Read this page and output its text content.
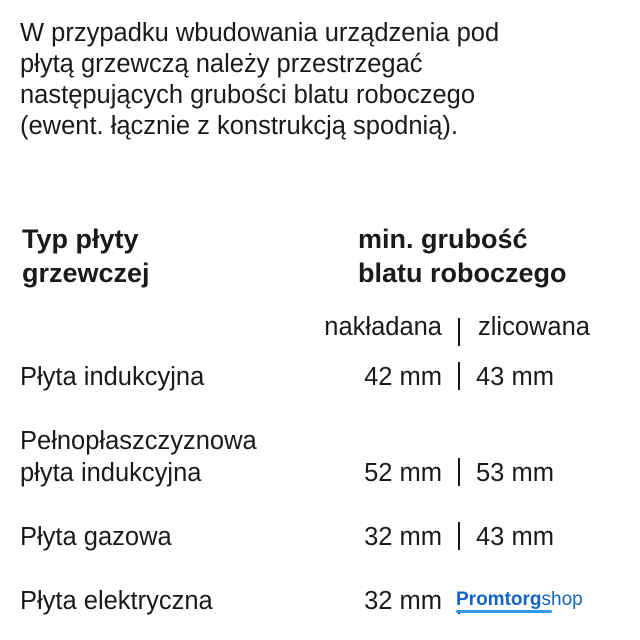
W przypadku wbudowania urządzenia pod
płytą grzewczą należy przestrzegać
następujących grubości blatu roboczego
(ewent. łącznie z konstrukcją spodnią).
Typ płyty
grzewczej
min. grubość
blatu roboczego
nakładana zlicowana
Płyta indukcyjna	42 mm 43 mm
Pełnopłaszczyznowa
płyta indukcyjna	52 mm 53 mm
Płyta gazowa	32 mm 43 mm
Płyta elektryczna	32 mm Promtorgshop
